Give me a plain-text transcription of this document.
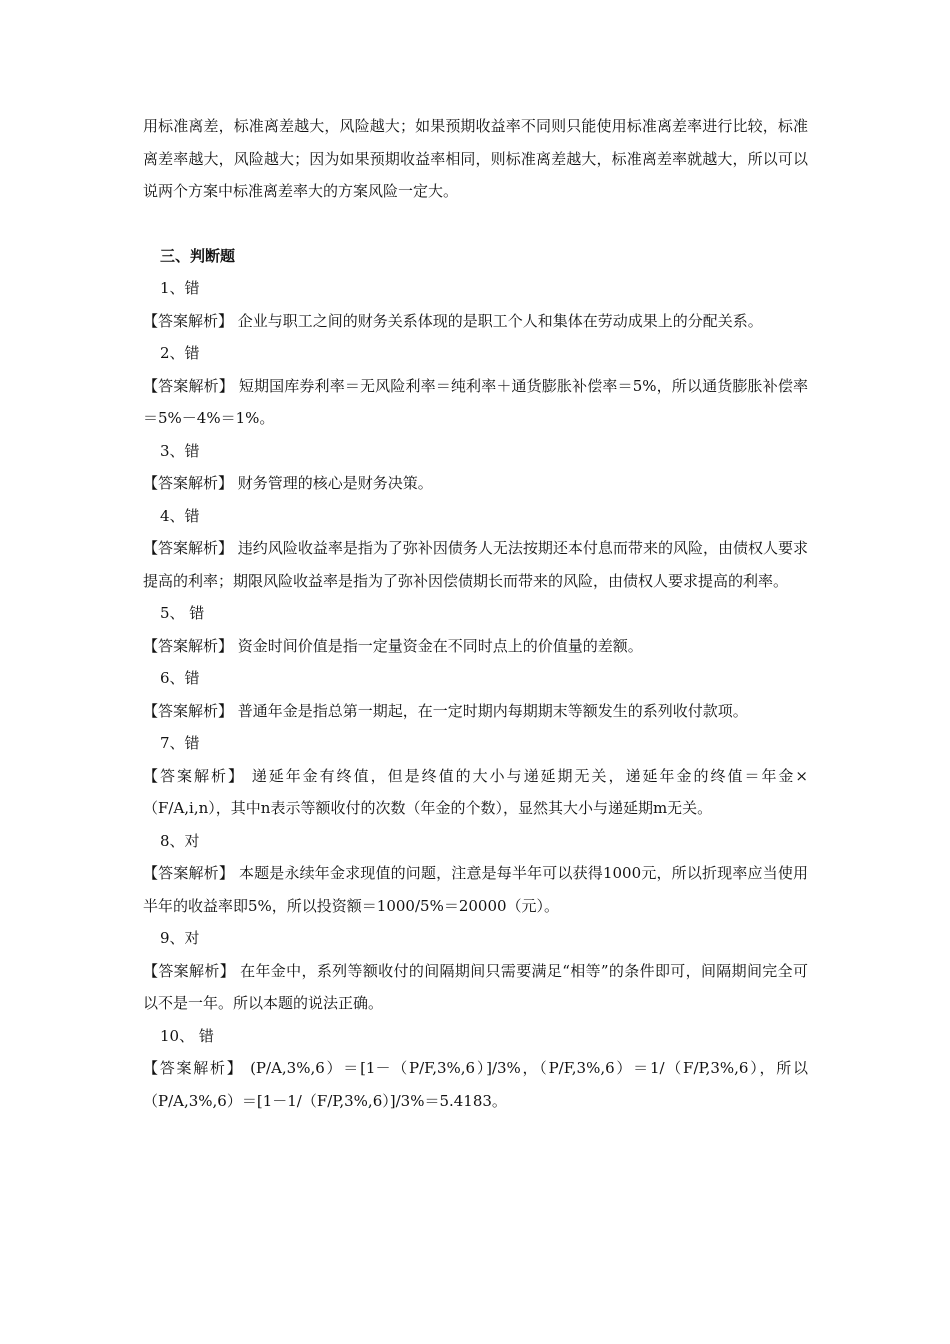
用标准离差，标准离差越大，风险越大；如果预期收益率不同则只能使用标准离差率进行比较，标准离差率越大，风险越大；因为如果预期收益率相同，则标准离差越大，标准离差率就越大，所以可以说两个方案中标准离差率大的方案风险一定大。

三、判断题

1、错

【答案解析】 企业与职工之间的财务关系体现的是职工个人和集体在劳动成果上的分配关系。

2、错

【答案解析】 短期国库券利率＝无风险利率＝纯利率＋通货膨胀补偿率＝5%，所以通货膨胀补偿率＝5%－4%＝1%。

3、错

【答案解析】 财务管理的核心是财务决策。

4、错

【答案解析】 违约风险收益率是指为了弥补因债务人无法按期还本付息而带来的风险，由债权人要求提高的利率；期限风险收益率是指为了弥补因偿债期长而带来的风险，由债权人要求提高的利率。

5、 错

【答案解析】 资金时间价值是指一定量资金在不同时点上的价值量的差额。

6、错

【答案解析】 普通年金是指总第一期起，在一定时期内每期期末等额发生的系列收付款项。

7、错

【答案解析】 递延年金有终值，但是终值的大小与递延期无关，递延年金的终值＝年金×（F/A,i,n），其中n表示等额收付的次数（年金的个数），显然其大小与递延期m无关。

8、对

【答案解析】 本题是永续年金求现值的问题，注意是每半年可以获得1000元，所以折现率应当使用半年的收益率即5%，所以投资额＝1000/5%＝20000（元）。

9、对

【答案解析】 在年金中，系列等额收付的间隔期间只需要满足“相等”的条件即可，间隔期间完全可以不是一年。所以本题的说法正确。

10、 错

【答案解析】 (P/A,3%,6）＝[1－（P/F,3%,6）]/3%，（P/F,3%,6）＝1/（F/P,3%,6），所以（P/A,3%,6）＝[1－1/（F/P,3%,6）]/3%＝5.4183。
